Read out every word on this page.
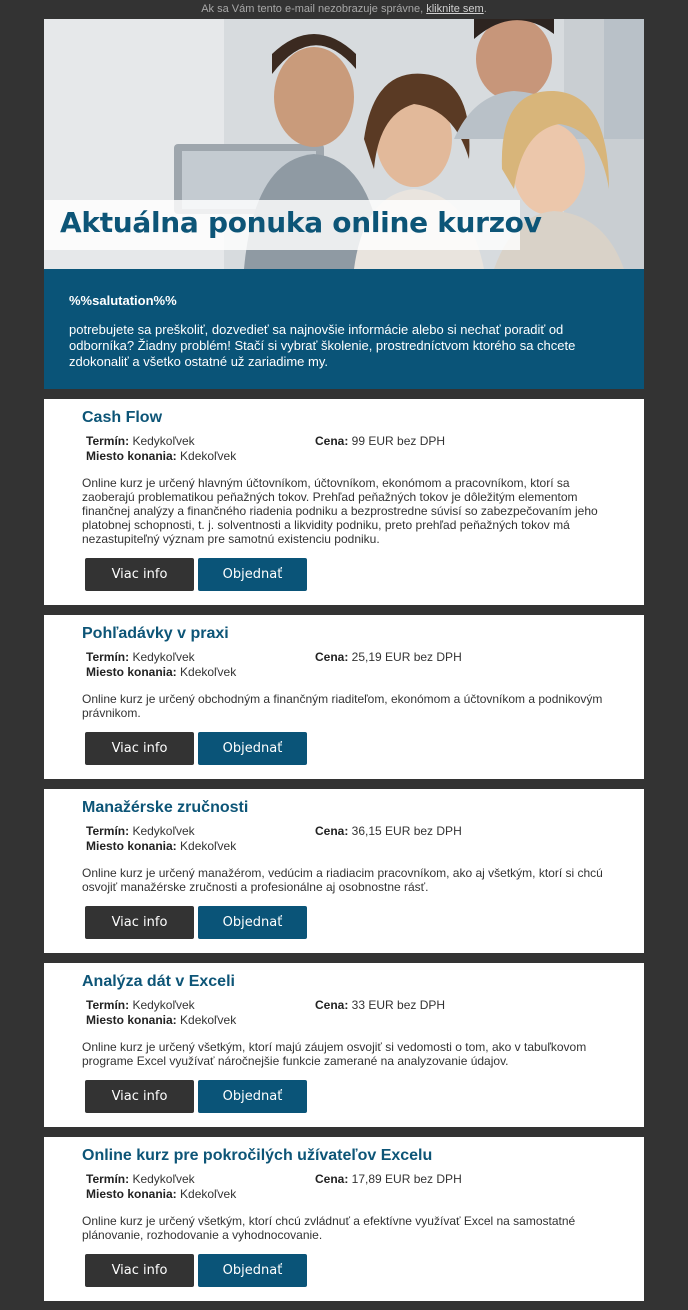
Ak sa Vám tento e-mail nezobrazuje správne, kliknite sem.
Aktuálna ponuka online kurzov
%%salutation%%
potrebujete sa preškoliť, dozvedieť sa najnovšie informácie alebo si nechať poradiť od odborníka? Žiadny problém! Stačí si vybrať školenie, prostredníctvom ktorého sa chcete zdokonaliť a všetko ostatné už zariadime my.
Cash Flow
Termín: Kedykoľvek
Miesto konania: Kdekoľvek
Cena: 99 EUR bez DPH
Online kurz je určený hlavným účtovníkom, účtovníkom, ekonómom a pracovníkom, ktorí sa zaoberajú problematikou peňažných tokov. Prehľad peňažných tokov je dôležitým elementom finančnej analýzy a finančného riadenia podniku a bezprostredne súvisí so zabezpečovaním jeho platobnej schopnosti, t. j. solventnosti a likvidity podniku, preto prehľad peňažných tokov má nezastupiteľný význam pre samotnú existenciu podniku.
Viac info	Objednať
Pohľadávky v praxi
Termín: Kedykoľvek
Miesto konania: Kdekoľvek
Cena: 25,19 EUR bez DPH
Online kurz je určený obchodným a finančným riaditeľom, ekonómom a účtovníkom a podnikovým právnikom.
Viac info	Objednať
Manažérske zručnosti
Termín: Kedykoľvek
Miesto konania: Kdekoľvek
Cena: 36,15 EUR bez DPH
Online kurz je určený manažérom, vedúcim a riadiacim pracovníkom, ako aj všetkým, ktorí si chcú osvojiť manažérske zručnosti a profesionálne aj osobnostne rásť.
Viac info	Objednať
Analýza dát v Exceli
Termín: Kedykoľvek
Miesto konania: Kdekoľvek
Cena: 33 EUR bez DPH
Online kurz je určený všetkým, ktorí majú záujem osvojiť si vedomosti o tom, ako v tabuľkovom programe Excel využívať náročnejšie funkcie zamerané na analyzovanie údajov.
Viac info	Objednať
Online kurz pre pokročilých užívateľov Excelu
Termín: Kedykoľvek
Miesto konania: Kdekoľvek
Cena: 17,89 EUR bez DPH
Online kurz je určený všetkým, ktorí chcú zvládnuť a efektívne využívať Excel na samostatné plánovanie, rozhodovanie a vyhodnocovanie.
Viac info	Objednať
